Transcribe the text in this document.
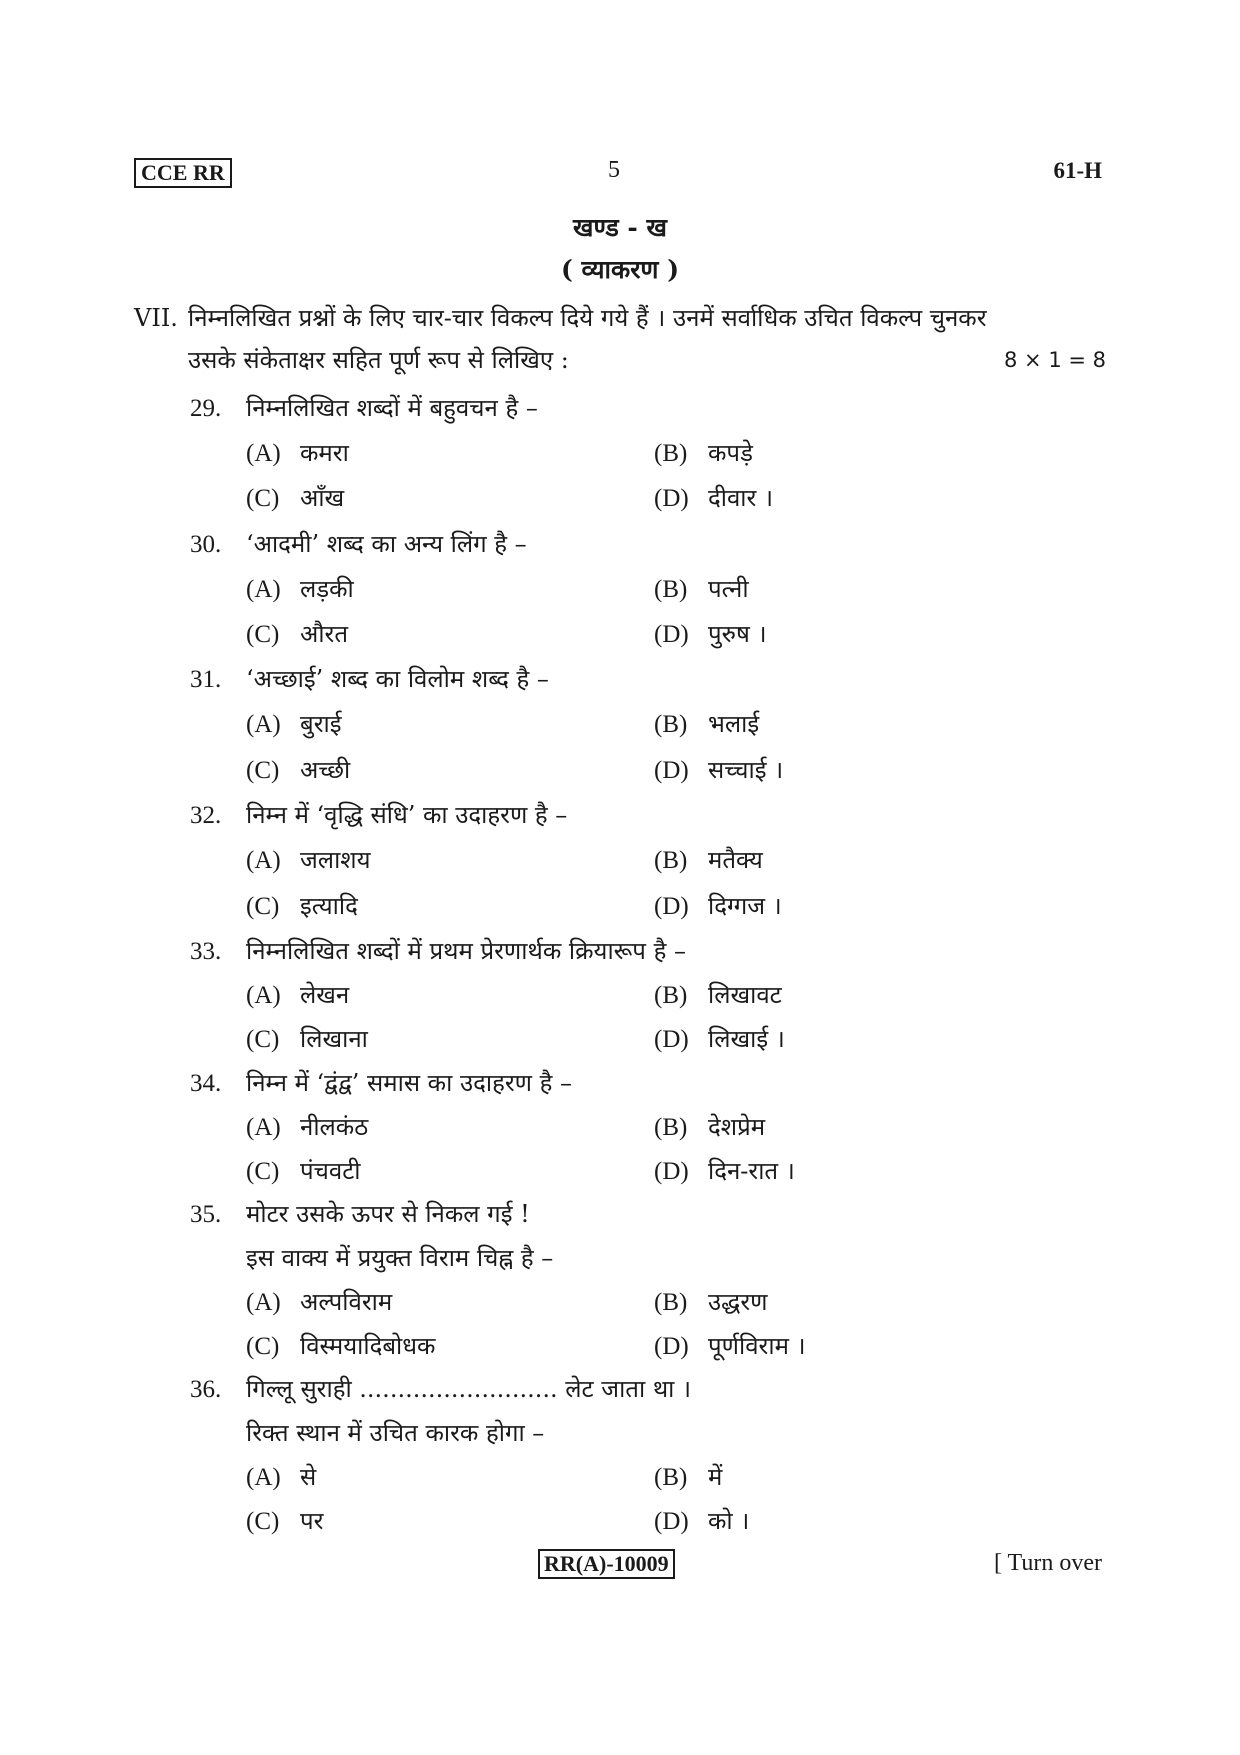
CCE RR	5	61-H
खण्ड - ख
( व्याकरण )
VII. निम्नलिखित प्रश्नों के लिए चार-चार विकल्प दिये गये हैं । उनमें सर्वाधिक उचित विकल्प चुनकर
उसके संकेताक्षर सहित पूर्ण रूप से लिखिए :	8 × 1 = 8
29. निम्नलिखित शब्दों में बहुवचन है –
(A) कमरा	(B) कपड़े
(C) आँख	(D) दीवार ।
30. ‘आदमी’ शब्द का अन्य लिंग है –
(A) लड़की	(B) पत्नी
(C) औरत	(D) पुरुष ।
31. ‘अच्छाई’ शब्द का विलोम शब्द है –
(A) बुराई	(B) भलाई
(C) अच्छी	(D) सच्चाई ।
32. निम्न में ‘वृद्धि संधि’ का उदाहरण है –
(A) जलाशय	(B) मतैक्य
(C) इत्यादि	(D) दिग्गज ।
33. निम्नलिखित शब्दों में प्रथम प्रेरणार्थक क्रियारूप है –
(A) लेखन	(B) लिखावट
(C) लिखाना	(D) लिखाई ।
34. निम्न में ‘द्वंद्व’ समास का उदाहरण है –
(A) नीलकंठ	(B) देशप्रेम
(C) पंचवटी	(D) दिन-रात ।
35. मोटर उसके ऊपर से निकल गई !
इस वाक्य में प्रयुक्त विराम चिह्न है –
(A) अल्पविराम	(B) उद्धरण
(C) विस्मयादिबोधक	(D) पूर्णविराम ।
36. गिल्लू सुराही .......................... लेट जाता था ।
रिक्त स्थान में उचित कारक होगा –
(A) से	(B) में
(C) पर	(D) को ।
RR(A)-10009	[ Turn over
